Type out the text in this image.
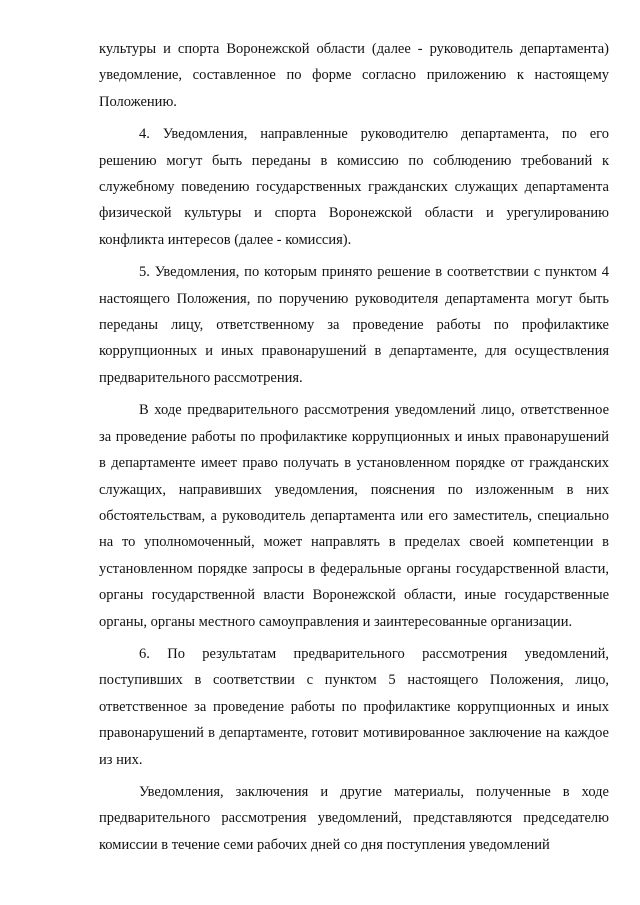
культуры и спорта Воронежской области (далее - руководитель департамента) уведомление, составленное по форме согласно приложению к настоящему Положению.

4. Уведомления, направленные руководителю департамента, по его решению могут быть переданы в комиссию по соблюдению требований к служебному поведению государственных гражданских служащих департамента физической культуры и спорта Воронежской области и урегулированию конфликта интересов (далее - комиссия).

5. Уведомления, по которым принято решение в соответствии с пунктом 4 настоящего Положения, по поручению руководителя департамента могут быть переданы лицу, ответственному за проведение работы по профилактике коррупционных и иных правонарушений в департаменте, для осуществления предварительного рассмотрения.

В ходе предварительного рассмотрения уведомлений лицо, ответственное за проведение работы по профилактике коррупционных и иных правонарушений в департаменте имеет право получать в установленном порядке от гражданских служащих, направивших уведомления, пояснения по изложенным в них обстоятельствам, а руководитель департамента или его заместитель, специально на то уполномоченный, может направлять в пределах своей компетенции в установленном порядке запросы в федеральные органы государственной власти, органы государственной власти Воронежской области, иные государственные органы, органы местного самоуправления и заинтересованные организации.

6. По результатам предварительного рассмотрения уведомлений, поступивших в соответствии с пунктом 5 настоящего Положения, лицо, ответственное за проведение работы по профилактике коррупционных и иных правонарушений в департаменте, готовит мотивированное заключение на каждое из них.

Уведомления, заключения и другие материалы, полученные в ходе предварительного рассмотрения уведомлений, представляются председателю комиссии в течение семи рабочих дней со дня поступления уведомлений
